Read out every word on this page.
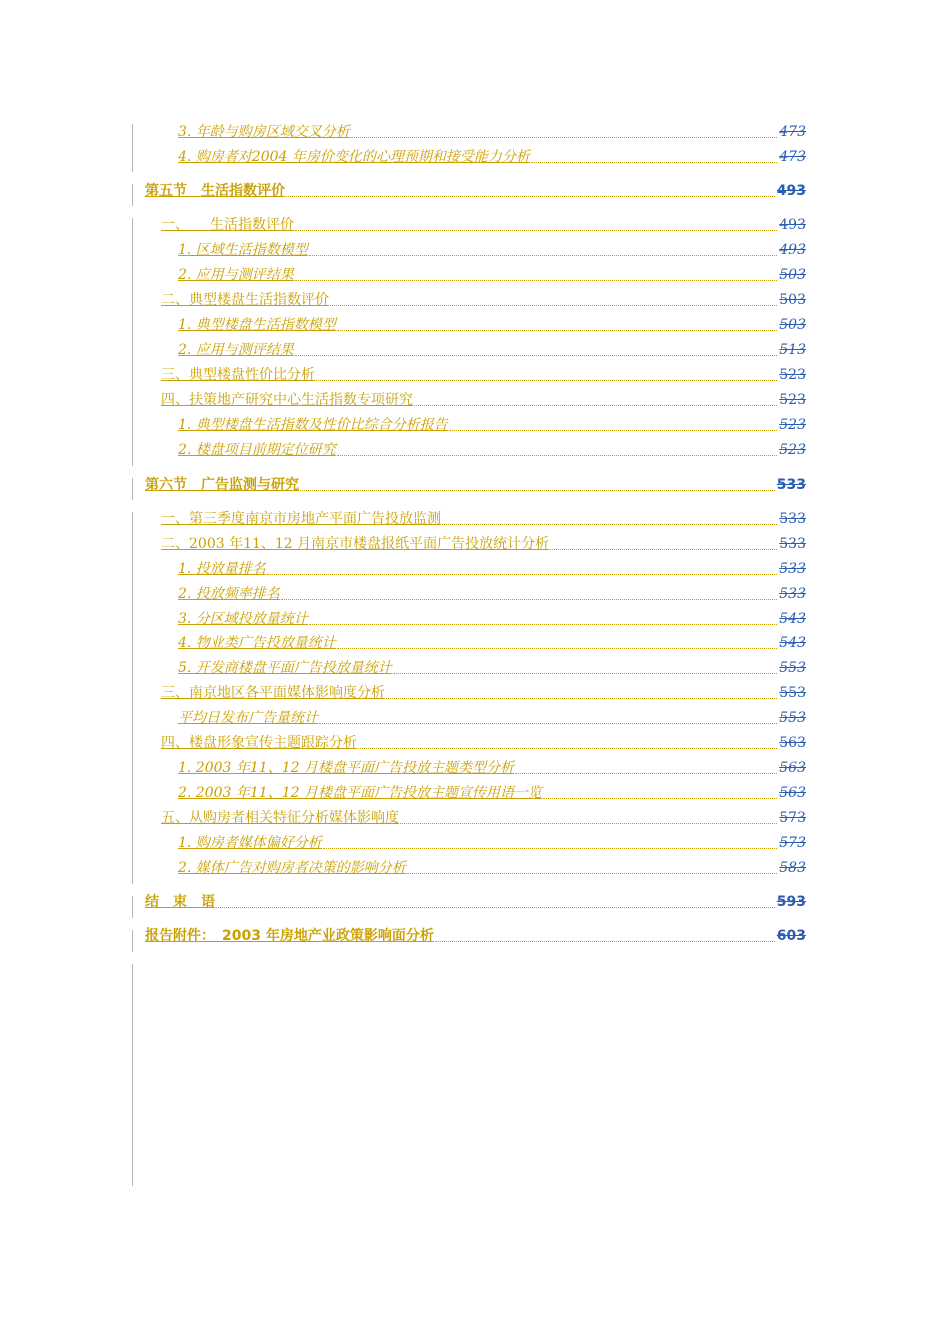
3. 年龄与购房区域交叉分析	473
4. 购房者对2004 年房价变化的心理预期和接受能力分析	473
第五节　生活指数评价	493
一、　　生活指数评价	493
1. 区域生活指数模型	493
2. 应用与测评结果	503
二、典型楼盘生活指数评价	503
1. 典型楼盘生活指数模型	503
2. 应用与测评结果	513
三、典型楼盘性价比分析	523
四、扶策地产研究中心生活指数专项研究	523
1. 典型楼盘生活指数及性价比综合分析报告	523
2. 楼盘项目前期定位研究	523
第六节　广告监测与研究	533
一、第三季度南京市房地产平面广告投放监测	533
二、2003 年11、12 月南京市楼盘报纸平面广告投放统计分析	533
1. 投放量排名	533
2. 投放频率排名	533
3. 分区域投放量统计	543
4. 物业类广告投放量统计	543
5. 开发商楼盘平面广告投放量统计	553
三、南京地区各平面媒体影响度分析	553
平均日发布广告量统计	553
四、楼盘形象宣传主题跟踪分析	563
1. 2003 年11、12 月楼盘平面广告投放主题类型分析	563
2. 2003 年11、12 月楼盘平面广告投放主题宣传用语一览	563
五、从购房者相关特征分析媒体影响度	573
1. 购房者媒体偏好分析	573
2. 媒体广告对购房者决策的影响分析	583
结　束　语	593
报告附件：　2003 年房地产业政策影响面分析	603
